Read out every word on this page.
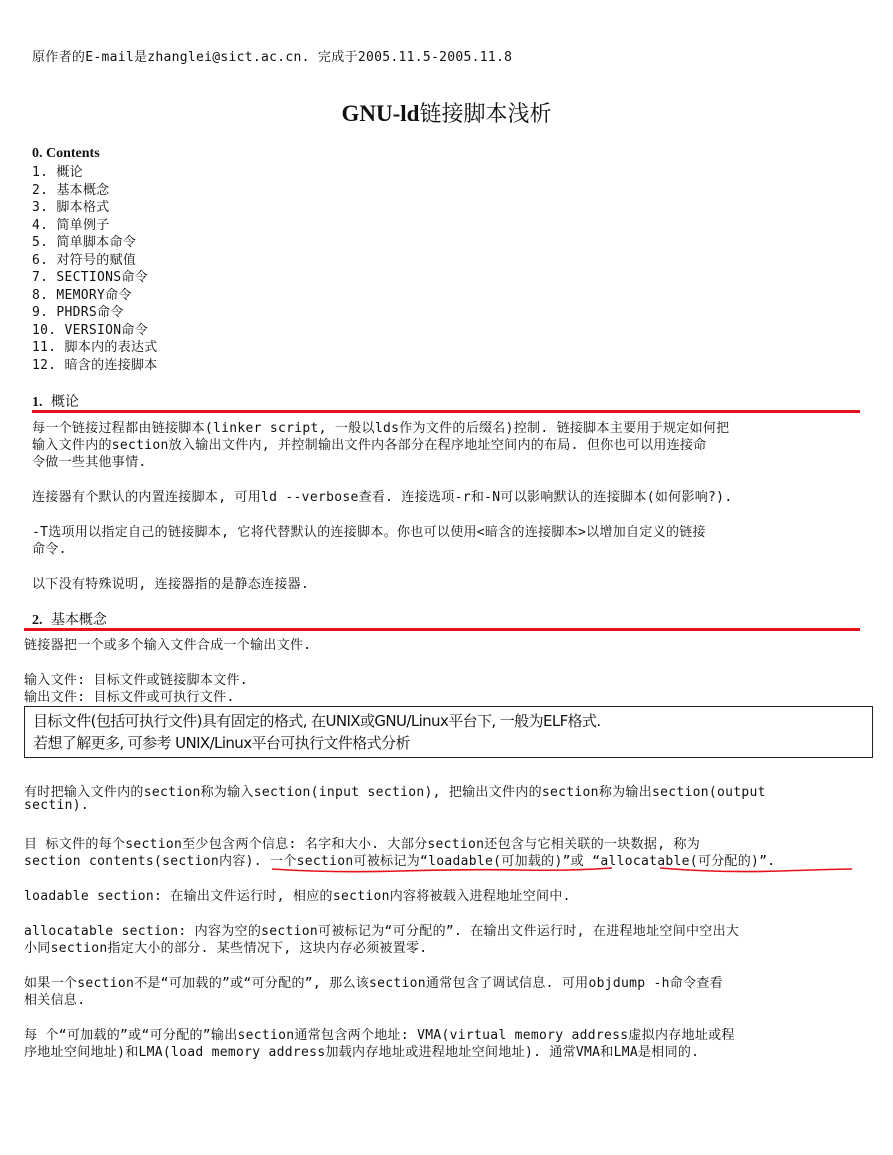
原作者的E-mail是zhanglei@sict.ac.cn. 完成于2005.11.5-2005.11.8
GNU-ld链接脚本浅析
0. Contents
1. 概论
2. 基本概念
3. 脚本格式
4. 简单例子
5. 简单脚本命令
6. 对符号的赋值
7. SECTIONS命令
8. MEMORY命令
9. PHDRS命令
10. VERSION命令
11. 脚本内的表达式
12. 暗含的连接脚本
1. 概论
每一个链接过程都由链接脚本(linker script, 一般以lds作为文件的后缀名)控制. 链接脚本主要用于规定如何把
输入文件内的section放入输出文件内, 并控制输出文件内各部分在程序地址空间内的布局. 但你也可以用连接命
令做一些其他事情.
连接器有个默认的内置连接脚本, 可用ld --verbose查看. 连接选项-r和-N可以影响默认的连接脚本(如何影响?).
-T选项用以指定自己的链接脚本, 它将代替默认的连接脚本。你也可以使用<暗含的连接脚本>以增加自定义的链接
命令.
以下没有特殊说明, 连接器指的是静态连接器.
2. 基本概念
链接器把一个或多个输入文件合成一个输出文件.
输入文件: 目标文件或链接脚本文件.
输出文件: 目标文件或可执行文件.
目标文件(包括可执行文件)具有固定的格式, 在UNIX或GNU/Linux平台下, 一般为ELF格式.
若想了解更多, 可参考 UNIX/Linux平台可执行文件格式分析
有时把输入文件内的section称为输入section(input section), 把输出文件内的section称为输出section(output
sectin).
目 标文件的每个section至少包含两个信息: 名字和大小. 大部分section还包含与它相关联的一块数据, 称为
section contents(section内容). 一个section可被标记为“loadable(可加载的)”或 “allocatable(可分配的)”.
loadable section: 在输出文件运行时, 相应的section内容将被载入进程地址空间中.
allocatable section: 内容为空的section可被标记为“可分配的”. 在输出文件运行时, 在进程地址空间中空出大
小同section指定大小的部分. 某些情况下, 这块内存必须被置零.
如果一个section不是“可加载的”或“可分配的”, 那么该section通常包含了调试信息. 可用objdump -h命令查看
相关信息.
每 个“可加载的”或“可分配的”输出section通常包含两个地址: VMA(virtual memory address虚拟内存地址或程
序地址空间地址)和LMA(load memory address加载内存地址或进程地址空间地址). 通常VMA和LMA是相同的.
